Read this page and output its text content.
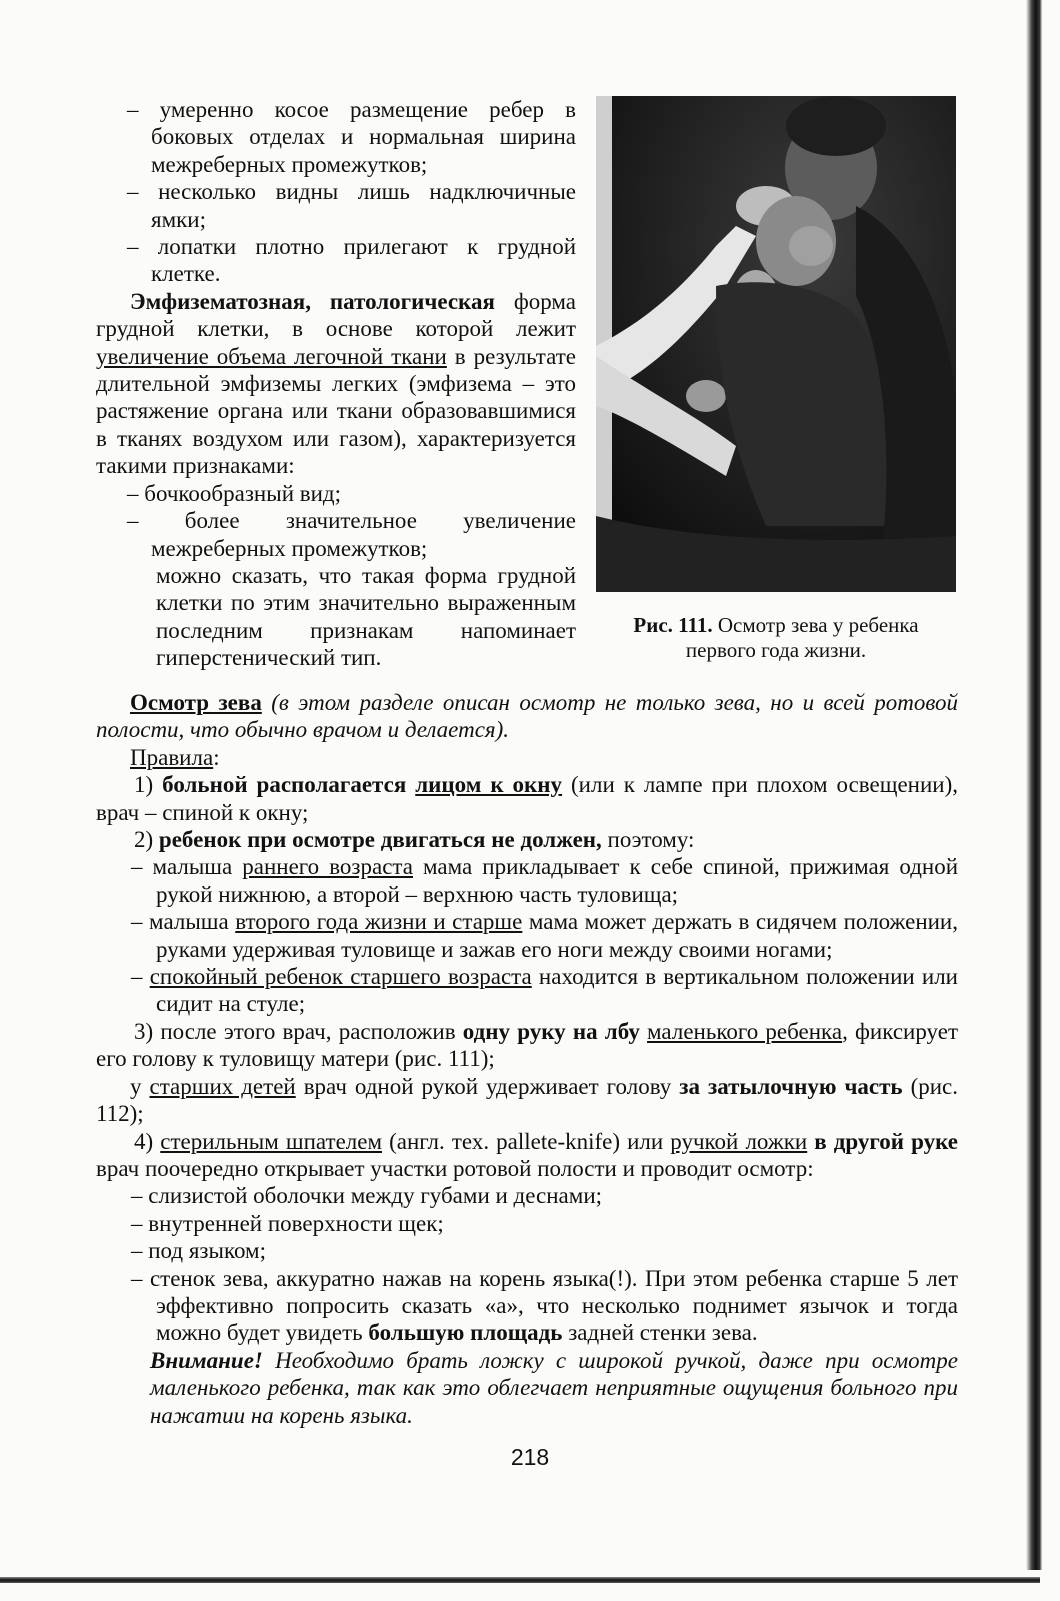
– умеренно косое размещение ребер в боковых отделах и нормальная ширина межреберных промежутков;

– несколько видны лишь надключичные ямки;

– лопатки плотно прилегают к грудной клетке.

Эмфизематозная, патологическая форма грудной клетки, в основе которой лежит увеличение объема легочной ткани в результате длительной эмфиземы легких (эмфизема – это растяжение органа или ткани образовавшимися в тканях воздухом или газом), характеризуется такими признаками:

– бочкообразный вид;

– более значительное увеличение межреберных промежутков;

можно сказать, что такая форма грудной клетки по этим значительно выраженным последним признакам напоминает гиперстенический тип.

Рис. 111. Осмотр зева у ребенка первого года жизни.

Осмотр зева (в этом разделе описан осмотр не только зева, но и всей ротовой полости, что обычно врачом и делается).

Правила:

1) больной располагается лицом к окну (или к лампе при плохом освещении), врач – спиной к окну;

2) ребенок при осмотре двигаться не должен, поэтому:

– малыша раннего возраста мама прикладывает к себе спиной, прижимая одной рукой нижнюю, а второй – верхнюю часть туловища;

– малыша второго года жизни и старше мама может держать в сидячем положении, руками удерживая туловище и зажав его ноги между своими ногами;

– спокойный ребенок старшего возраста находится в вертикальном положении или сидит на стуле;

3) после этого врач, расположив одну руку на лбу маленького ребенка, фиксирует его голову к туловищу матери (рис. 111);

у старших детей врач одной рукой удерживает голову за затылочную часть (рис. 112);

4) стерильным шпателем (англ. тех. pallete-knife) или ручкой ложки в другой руке врач поочередно открывает участки ротовой полости и проводит осмотр:

– слизистой оболочки между губами и деснами;

– внутренней поверхности щек;

– под языком;

– стенок зева, аккуратно нажав на корень языка(!). При этом ребенка старше 5 лет эффективно попросить сказать «а», что несколько поднимет язычок и тогда можно будет увидеть большую площадь задней стенки зева.

Внимание! Необходимо брать ложку с широкой ручкой, даже при осмотре маленького ребенка, так как это облегчает неприятные ощущения больного при нажатии на корень языка.

218
